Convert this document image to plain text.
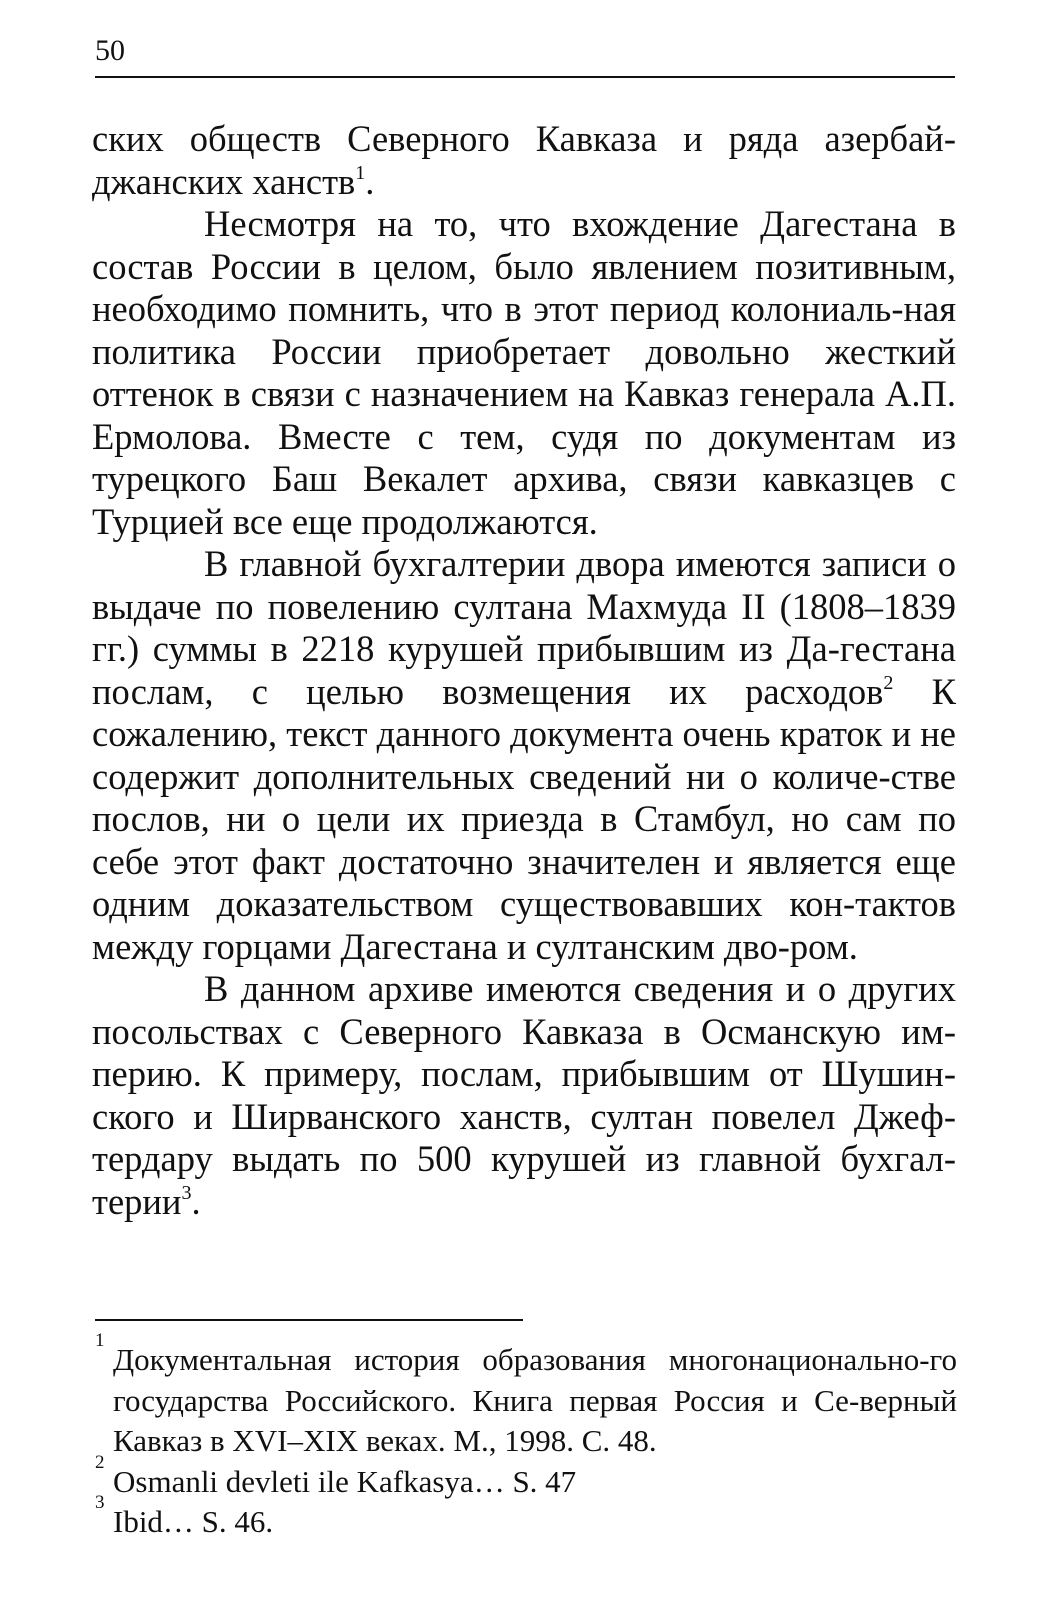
50

ских обществ Северного Кавказа и ряда азербай-джанских ханств$^1$.

Несмотря на то, что вхождение Дагестана в состав России в целом, было явлением позитивным, необходимо помнить, что в этот период колониаль-ная политика России приобретает довольно жесткий оттенок в связи с назначением на Кавказ генерала А.П. Ермолова. Вместе с тем, судя по документам из турецкого Баш Векалет архива, связи кавказцев с Турцией все еще продолжаются.

В главной бухгалтерии двора имеются записи о выдаче по повелению султана Махмуда II (1808–1839 гг.) суммы в 2218 курушей прибывшим из Да-гестана послам, с целью возмещения их расходов$^2$ К сожалению, текст данного документа очень краток и не содержит дополнительных сведений ни о количе-стве послов, ни о цели их приезда в Стамбул, но сам по себе этот факт достаточно значителен и является еще одним доказательством существовавших кон-тактов между горцами Дагестана и султанским дво-ром.

В данном архиве имеются сведения и о других посольствах с Северного Кавказа в Османскую им-перию. К примеру, послам, прибывшим от Шушин-ского и Ширванского ханств, султан повелел Джеф-тердару выдать по 500 курушей из главной бухгал-терии$^3$.

1
Документальная история образования многонационально-го государства Российского. Книга первая Россия и Се-верный Кавказ в XVI–XIX веках. М., 1998. С. 48.
2
Osmanli devleti ile Kafkasya… S. 47
3
Ibid… S. 46.
